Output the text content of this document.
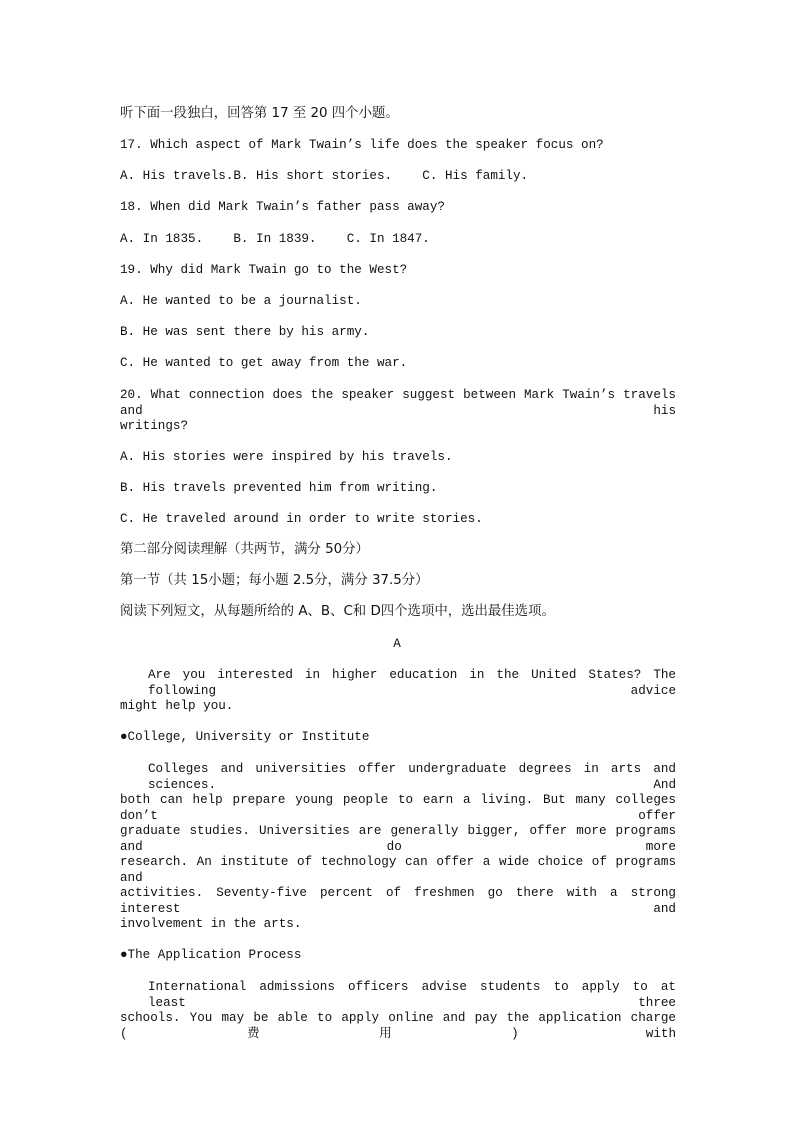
听下面一段独白，回答第 17 至 20 四个小题。
17. Which aspect of Mark Twain’s life does the speaker focus on?
A. His travels.B. His short stories.    C. His family.
18. When did Mark Twain’s father pass away?
A. In 1835.    B. In 1839.    C. In 1847.
19. Why did Mark Twain go to the West?
A. He wanted to be a journalist.
B. He was sent there by his army.
C. He wanted to get away from the war.
20. What connection does the speaker suggest between Mark Twain’s travels and his
writings?
A. His stories were inspired by his travels.
B. His travels prevented him from writing.
C. He traveled around in order to write stories.
第二部分阅读理解（共两节，满分 50分）
第一节（共 15小题；每小题 2.5分，满分 37.5分）
阅读下列短文，从每题所给的 A、B、C和 D四个选项中，选出最佳选项。
A
Are you interested in higher education in the United States? The following advice
might help you.
●College, University or Institute
Colleges and universities offer undergraduate degrees in arts and sciences. And
both can help prepare young people to earn a living. But many colleges don’t offer
graduate studies. Universities are generally bigger, offer more programs and do more
research. An institute of technology can offer a wide choice of programs and
activities. Seventy-five percent of freshmen go there with a strong interest and
involvement in the arts.
●The Application Process
International admissions officers advise students to apply to at least three
schools. You may be able to apply online and pay the application charge (费用) with
